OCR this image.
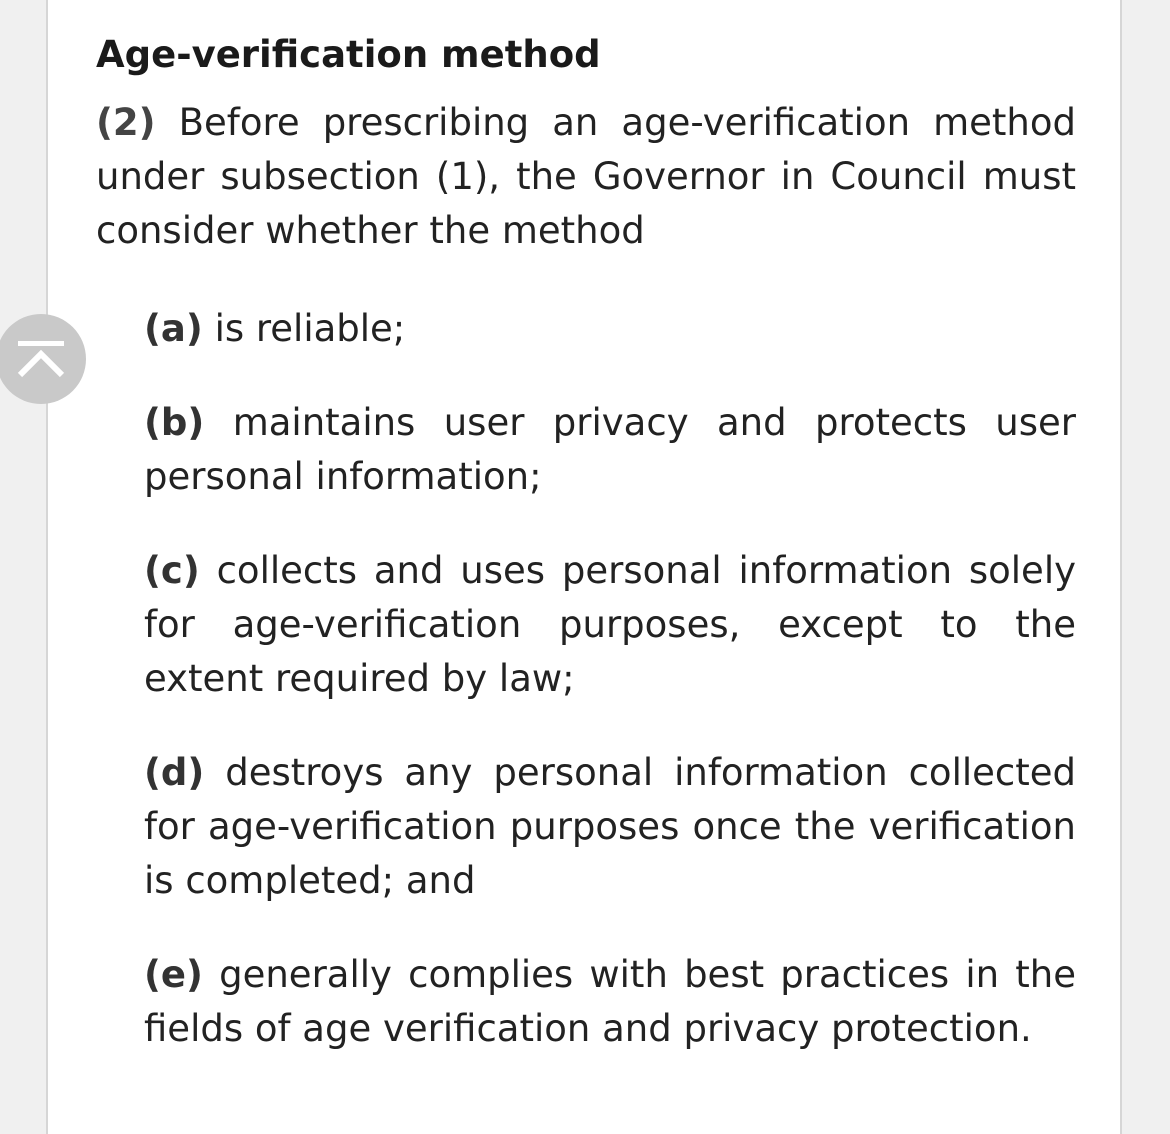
Age-verification method

(2) Before prescribing an age-verification method under subsection (1), the Governor in Council must consider whether the method

(a) is reliable;
(b) maintains user privacy and protects user personal information;
(c) collects and uses personal information solely for age-verification purposes, except to the extent required by law;
(d) destroys any personal information collected for age-verification purposes once the verification is completed; and
(e) generally complies with best practices in the fields of age verification and privacy protection.
